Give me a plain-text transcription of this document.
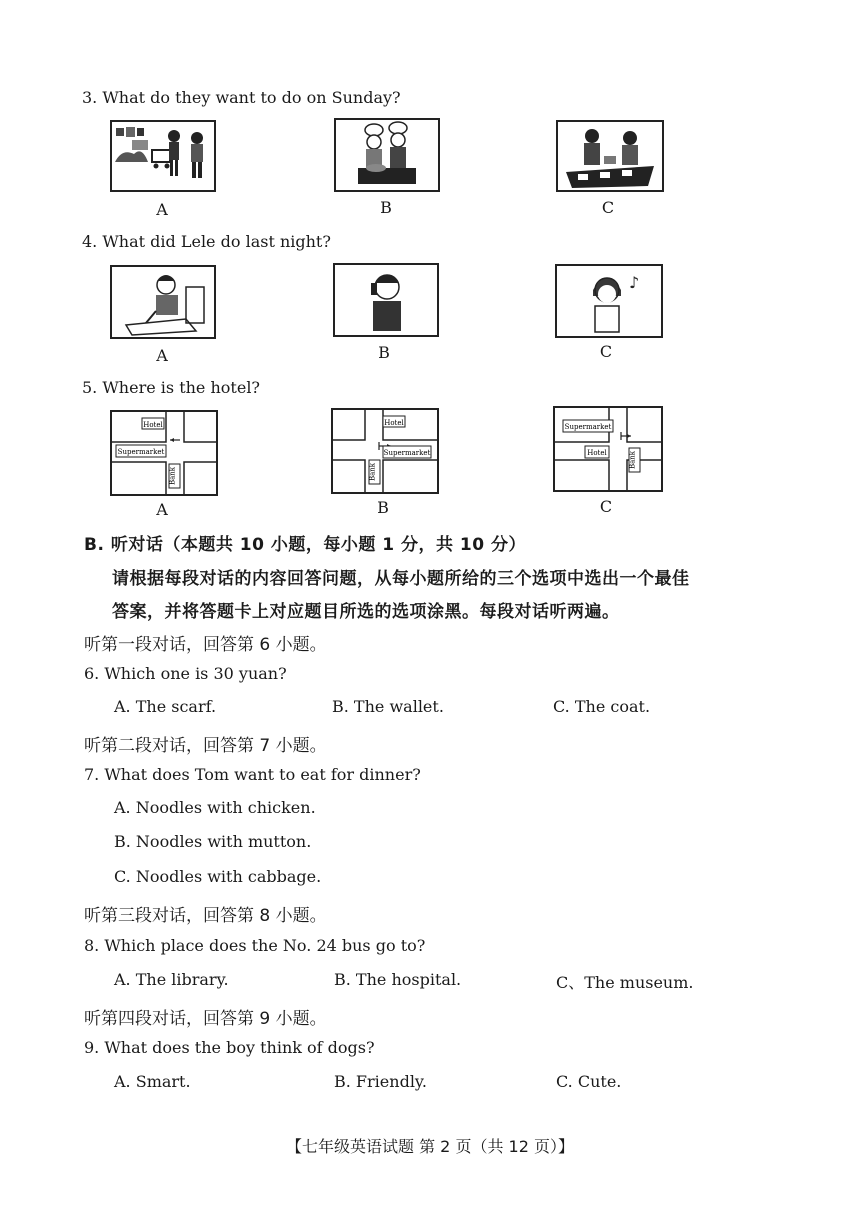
3. What do they want to do on Sunday?
A	B	C
4. What did Lele do last night?
♪
A	B	C
5. Where is the hotel?
Hotel
Supermarket
Bank
Hotel
Supermarket
Bank
Supermarket
Hotel	Bank
A	B	C
B. 听对话（本题共 10 小题，每小题 1 分，共 10 分）
请根据每段对话的内容回答问题，从每小题所给的三个选项中选出一个最佳
答案，并将答题卡上对应题目所选的选项涂黑。每段对话听两遍。
听第一段对话，回答第 6 小题。
6. Which one is 30 yuan?
A. The scarf.	B. The wallet.	C. The coat.
听第二段对话，回答第 7 小题。
7. What does Tom want to eat for dinner?
A. Noodles with chicken.
B. Noodles with mutton.
C. Noodles with cabbage.
听第三段对话，回答第 8 小题。
8. Which place does the No. 24 bus go to?
A. The library.	B. The hospital.	C、The museum.
听第四段对话，回答第 9 小题。
9. What does the boy think of dogs?
A. Smart.	B. Friendly.	C. Cute.
【七年级英语试题 第 2 页（共 12 页）】
